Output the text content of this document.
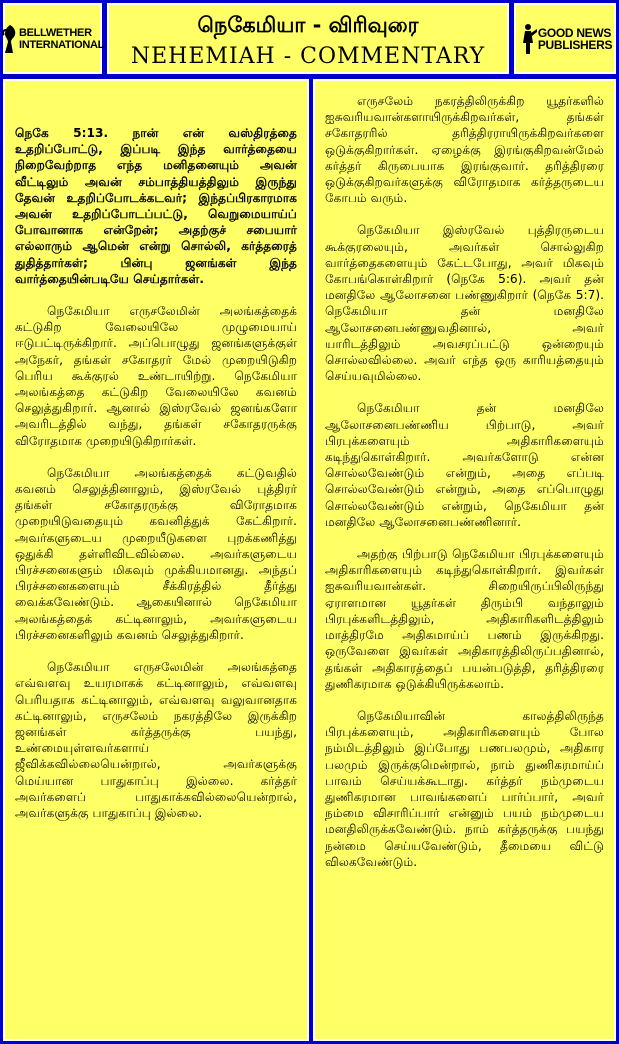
BELLWETHER
INTERNATIONAL
நெகேமியா - விரிவுரை
NEHEMIAH - COMMENTARY
GOOD NEWS
PUBLISHERS

நெகே 5:13. நான் என் வஸ்திரத்தை உதறிப்போட்டு, இப்படி இந்த வார்த்தையை நிறைவேற்றாத எந்த மனிதனையும் அவன் வீட்டிலும் அவன் சம்பாத்தியத்திலும் இருந்து தேவன் உதறிப்போடக்கடவர்; இந்தப்பிரகாரமாக அவன் உதறிப்போடப்பட்டு, வெறுமையாய்ப் போவானாக என்றேன்; அதற்குச் சபையார் எல்லாரும் ஆமென் என்று சொல்லி, கர்த்தரைத் துதித்தார்கள்; பின்பு ஜனங்கள் இந்த வார்த்தையின்படியே செய்தார்கள்.

நெகேமியா எருசலேமின் அலங்கத்தைக் கட்டுகிற வேலையிலே முழுமையாய் ஈடுபட்டிருக்கிறார். அப்பொழுது ஜனங்களுக்குள் அநேகர், தங்கள் சகோதரர் மேல் முறையிடுகிற பெரிய கூக்குரல் உண்டாயிற்று. நெகேமியா அலங்கத்தை கட்டுகிற வேலையிலே கவனம் செலுத்துகிறார். ஆனால் இஸ்ரவேல் ஜனங்களோ அவரிடத்தில் வந்து, தங்கள் சகோதரருக்கு விரோதமாக முறையிடுகிறார்கள்.

நெகேமியா அலங்கத்தைக் கட்டுவதில் கவனம் செலுத்தினாலும், இஸ்ரவேல் புத்திரர் தங்கள் சகோதரருக்கு விரோதமாக முறையிடுவதையும் கவனித்துக் கேட்கிறார். அவர்களுடைய முறையீடுகளை புறக்கணித்து ஒதுக்கி தள்ளிவிடவில்லை. அவர்களுடைய பிரச்சனைகளும் மிகவும் முக்கியமானது. அந்தப் பிரச்சனைகளையும் சீக்கிரத்தில் தீர்த்து வைக்கவேண்டும். ஆகையினால் நெகேமியா அலங்கத்தைக் கட்டினாலும், அவர்களுடைய பிரச்சனைகளிலும் கவனம் செலுத்துகிறார்.

நெகேமியா எருசலேமின் அலங்கத்தை எவ்வளவு உயரமாகக் கட்டினாலும், எவ்வளவு பெரியதாக கட்டினாலும், எவ்வளவு வலுவானதாக கட்டினாலும், எருசலேம் நகரத்திலே இருக்கிற ஜனங்கள் கர்த்தருக்கு பயந்து, உண்மையுள்ளவர்களாய் ஜீவிக்கவில்லையென்றால், அவர்களுக்கு மெய்யான பாதுகாப்பு இல்லை. கர்த்தர் அவர்களைப் பாதுகாக்கவில்லையென்றால், அவர்களுக்கு பாதுகாப்பு இல்லை.

எருசலேம் நகரத்திலிருக்கிற யூதர்களில் ஐசுவரியவான்களாயிருக்கிறவர்கள், தங்கள் சகோதரரில் தரித்திரராயிருக்கிறவர்களை ஒடுக்குகிறார்கள். ஏழைக்கு இரங்குகிறவன்மேல் கர்த்தர் கிருபையாக இரங்குவார். தரித்திரரை ஒடுக்குகிறவர்களுக்கு விரோதமாக கர்த்தருடைய கோபம் வரும்.

நெகேமியா இஸ்ரவேல் புத்திரருடைய கூக்குரலையும், அவர்கள் சொல்லுகிற வார்த்தைகளையும் கேட்டபோது, அவர் மிகவும் கோபங்கொள்கிறார் (நெகே 5:6). அவர் தன் மனதிலே ஆலோசனை பண்ணுகிறார் (நெகே 5:7). நெகேமியா தன் மனதிலே ஆலோசனைபண்ணுவதினால், அவர் யாரிடத்திலும் அவசரப்பட்டு ஒன்றையும் சொல்லவில்லை. அவர் எந்த ஒரு காரியத்தையும் செய்யவுமில்லை.

நெகேமியா தன் மனதிலே ஆலோசனைபண்ணிய பிற்பாடு, அவர் பிரபுக்களையும் அதிகாரிகளையும் கடிந்துகொள்கிறார். அவர்களோடு என்ன சொல்லவேண்டும் என்றும், அதை எப்படி சொல்லவேண்டும் என்றும், அதை எப்பொழுது சொல்லவேண்டும் என்றும், நெகேமியா தன் மனதிலே ஆலோசனைபண்ணினார்.

அதற்கு பிற்பாடு நெகேமியா பிரபுக்களையும் அதிகாரிகளையும் கடிந்துகொள்கிறார். இவர்கள் ஐசுவரியவான்கள். சிறையிருப்பிலிருந்து ஏராளமான யூதர்கள் திரும்பி வந்தாலும் பிரபுக்களிடத்திலும், அதிகாரிகளிடத்திலும் மாத்திரமே அதிகமாய்ப் பணம் இருக்கிறது. ஒருவேளை இவர்கள் அதிகாரத்திலிருப்பதினால், தங்கள் அதிகாரத்தைப் பயன்படுத்தி, தரித்திரரை துணிகரமாக ஒடுக்கியிருக்கலாம்.

நெகேமியாவின் காலத்திலிருந்த பிரபுக்களையும், அதிகாரிகளையும் போல நம்மிடத்திலும் இப்போது பணபலமும், அதிகார பலமும் இருக்குமென்றால், நாம் துணிகரமாய்ப் பாவம் செய்யக்கூடாது. கர்த்தர் நம்முடைய துணிகரமான பாவங்களைப் பார்ப்பார், அவர் நம்மை விசாரிப்பார் என்னும் பயம் நம்முடைய மனதிலிருக்கவேண்டும். நாம் கர்த்தருக்கு பயந்து நன்மை செய்யவேண்டும், தீமையை விட்டு விலகவேண்டும்.
